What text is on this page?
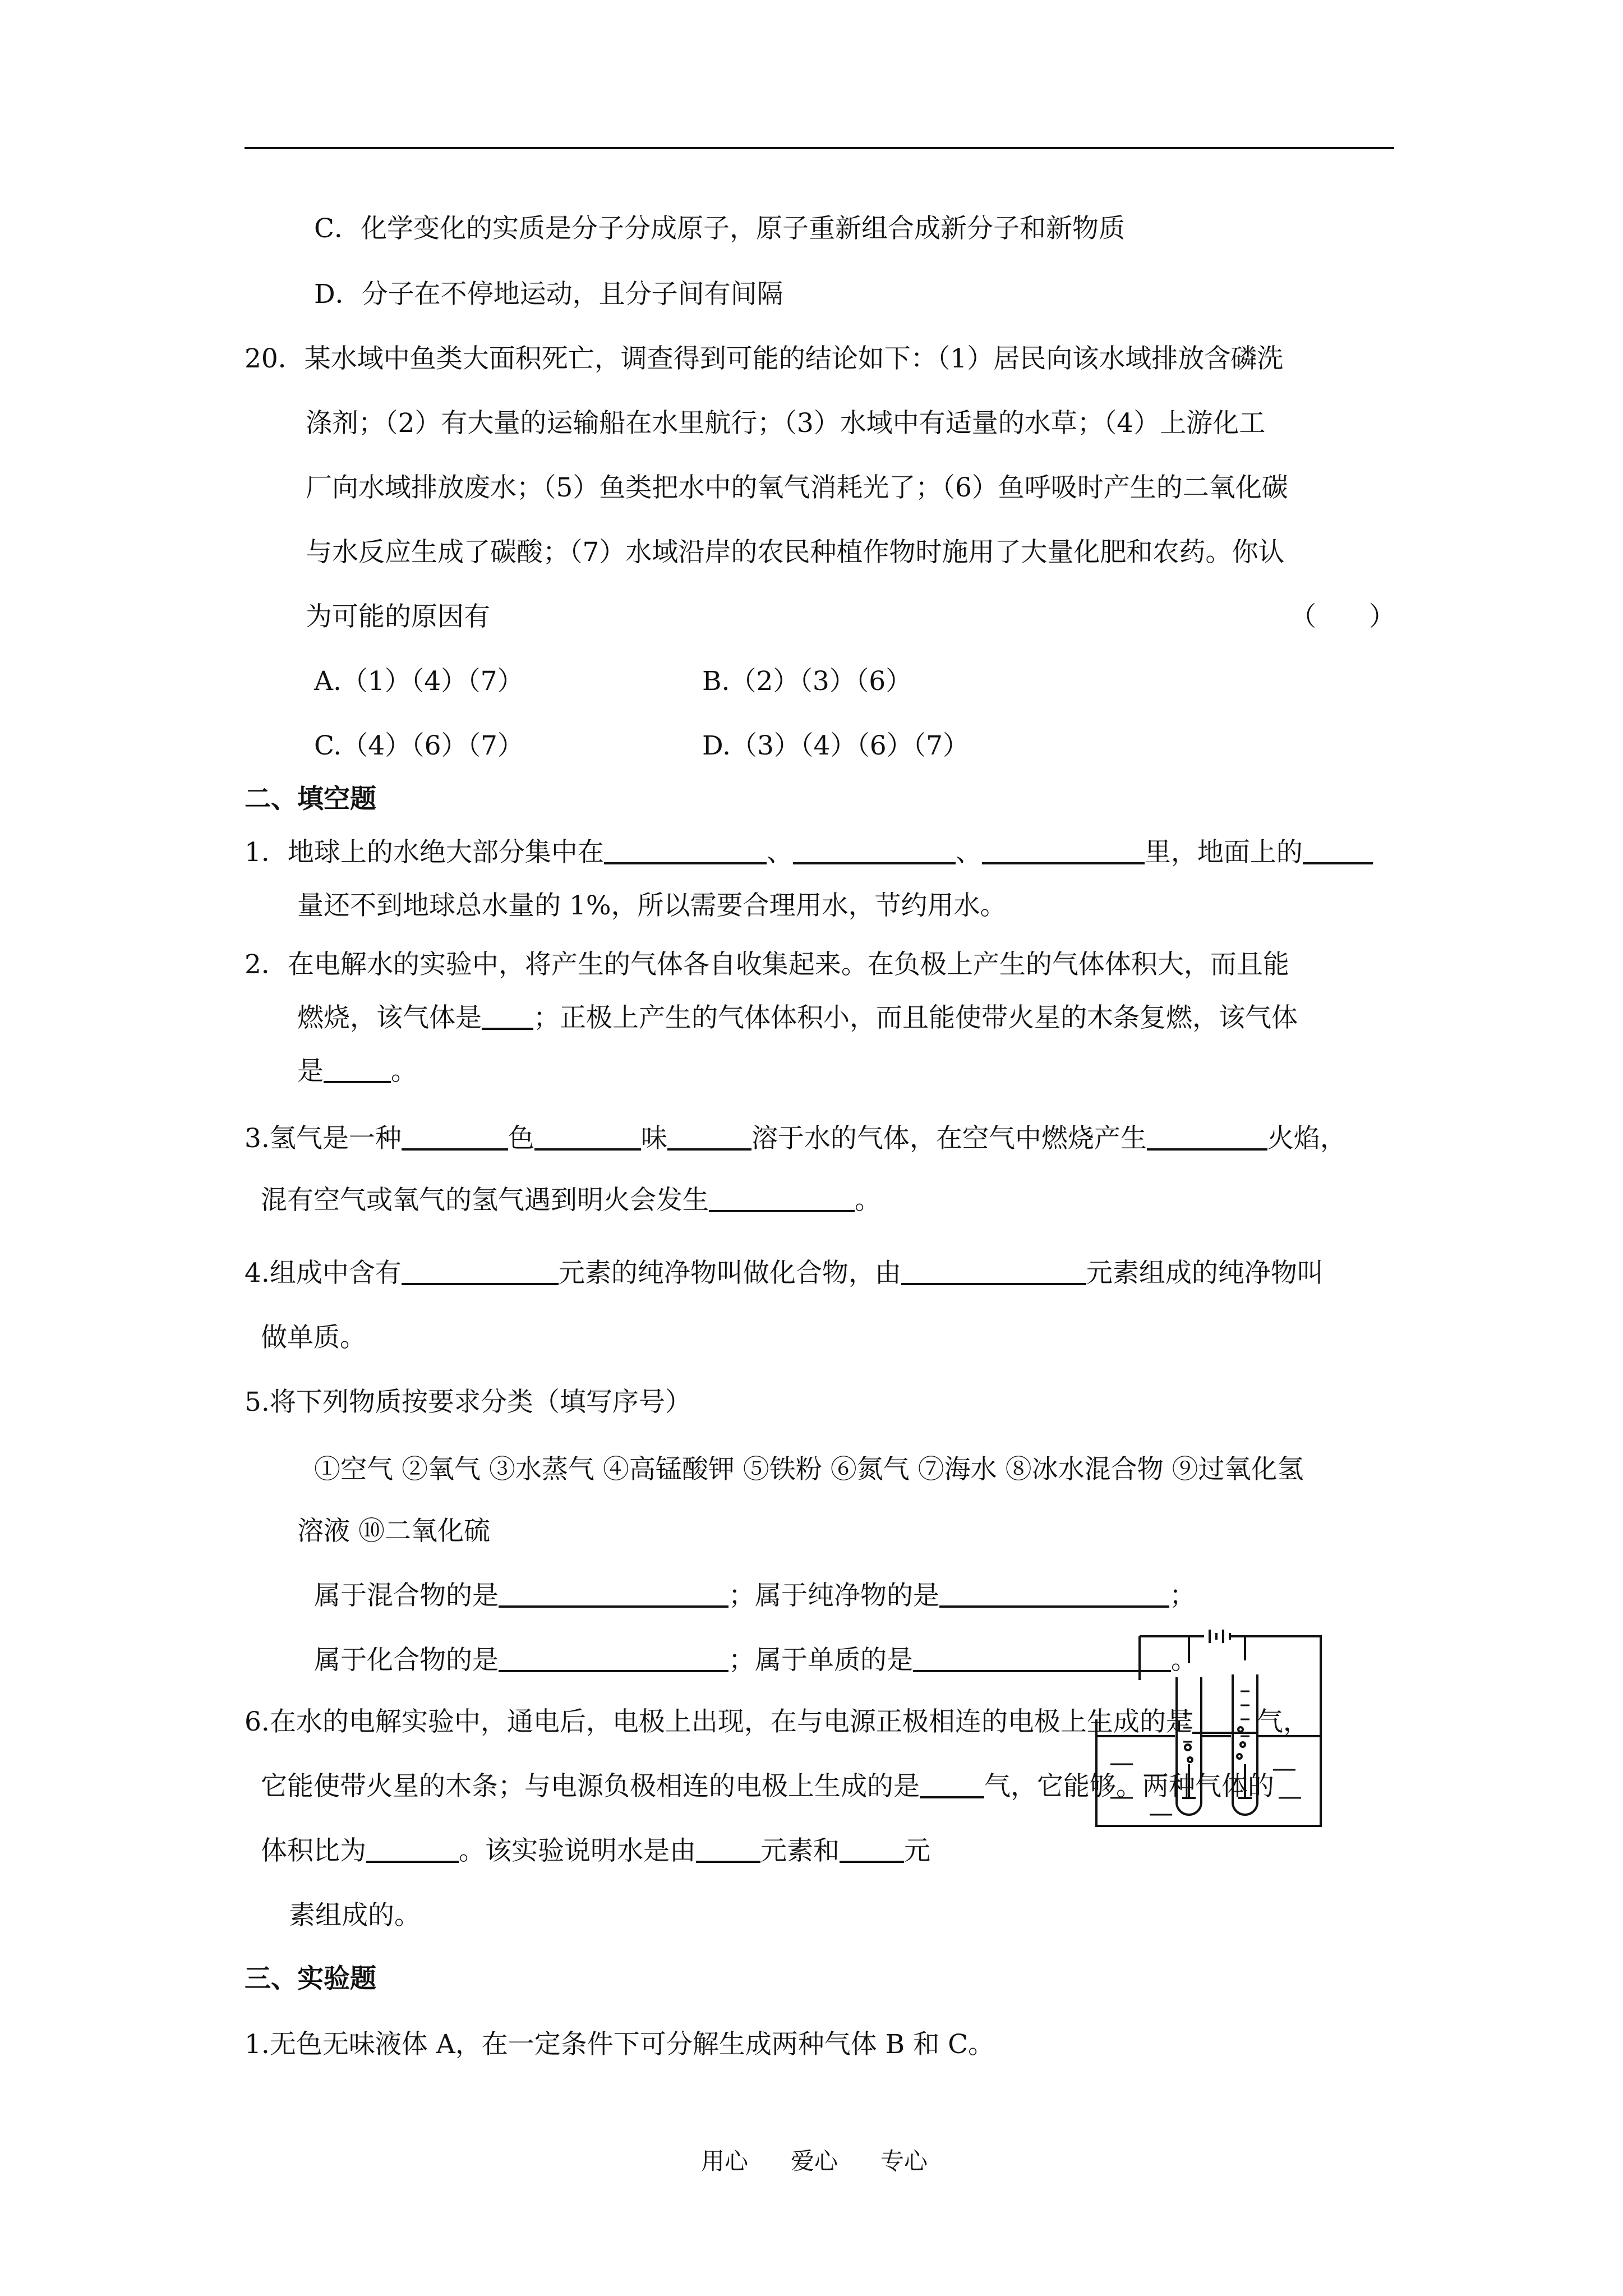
C．化学变化的实质是分子分成原子，原子重新组合成新分子和新物质
D．分子在不停地运动，且分子间有间隔
20．某水域中鱼类大面积死亡，调查得到可能的结论如下：（1）居民向该水域排放含磷洗
涤剂；（2）有大量的运输船在水里航行；（3）水域中有适量的水草；（4）上游化工
厂向水域排放废水；（5）鱼类把水中的氧气消耗光了；（6）鱼呼吸时产生的二氧化碳
与水反应生成了碳酸；（7）水域沿岸的农民种植作物时施用了大量化肥和农药。你认
为可能的原因有	（　　）
A.（1）（4）（7）	B.（2）（3）（6）
C.（4）（6）（7）	D.（3）（4）（6）（7）
二、填空题
1．地球上的水绝大部分集中在	、	、	里，地面上的
量还不到地球总水量的 1%，所以需要合理用水，节约用水。
2．在电解水的实验中，将产生的气体各自收集起来。在负极上产生的气体体积大，而且能
燃烧，该气体是 ；正极上产生的气体体积小，而且能使带火星的木条复燃，该气体
是	。
3.氢气是一种	色	味	溶于水的气体，在空气中燃烧产生	火焰，
混有空气或氧气的氢气遇到明火会发生	。
4.组成中含有	元素的纯净物叫做化合物，由	元素组成的纯净物叫
做单质。
5.将下列物质按要求分类（填写序号）
①空气 ②氧气 ③水蒸气 ④高锰酸钾 ⑤铁粉 ⑥氮气 ⑦海水 ⑧冰水混合物 ⑨过氧化氢
溶液 ⑩二氧化硫
属于混合物的是	；属于纯净物的是	；
属于化合物的是	；属于单质的是	。
6.在水的电解实验中，通电后，电极上出现，在与电源正极相连的电极上生成的是 气，
它能使带火星的木条；与电源负极相连的电极上生成的是 气，它能够。两种气体的
体积比为	。该实验说明水是由 元素和 元
素组成的。
三、实验题
1.无色无味液体 A，在一定条件下可分解生成两种气体 B 和 C。
用心 爱心 专心
